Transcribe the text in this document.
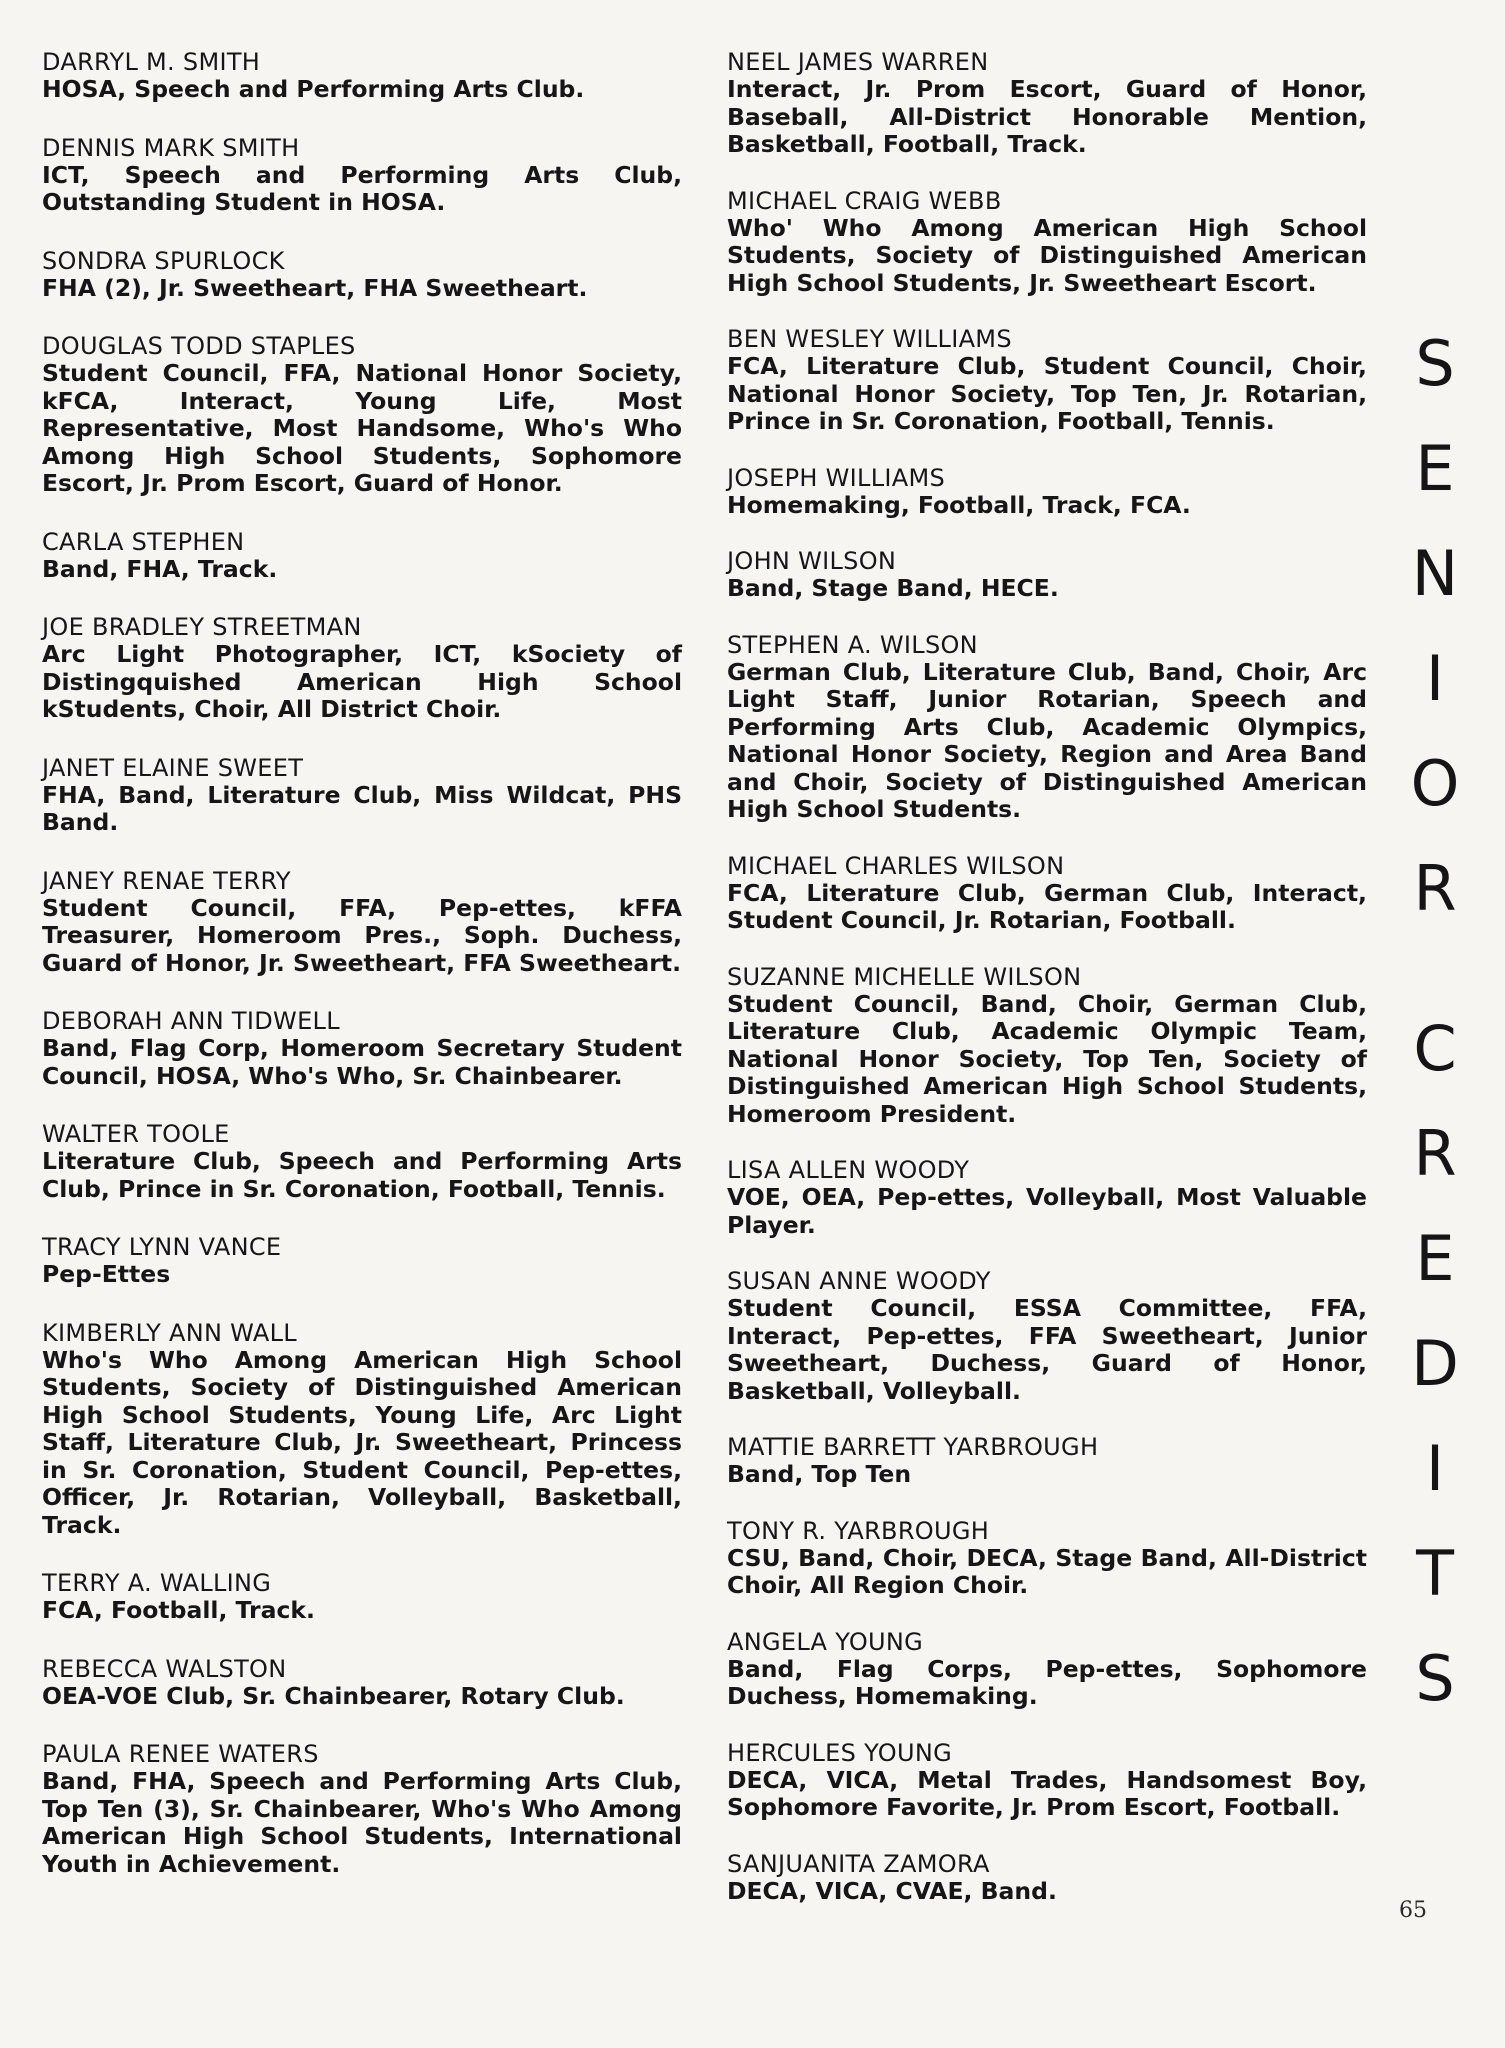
DARRYL M. SMITH
HOSA, Speech and Performing Arts Club.
DENNIS MARK SMITH
ICT, Speech and Performing Arts Club, Outstanding Student in HOSA.
SONDRA SPURLOCK
FHA (2), Jr. Sweetheart, FHA Sweetheart.
DOUGLAS TODD STAPLES
Student Council, FFA, National Honor Society, kFCA, Interact, Young Life, Most Representative, Most Handsome, Who's Who Among High School Students, Sophomore Escort, Jr. Prom Escort, Guard of Honor.
CARLA STEPHEN
Band, FHA, Track.
JOE BRADLEY STREETMAN
Arc Light Photographer, ICT, kSociety of Distingquished American High School kStudents, Choir, All District Choir.
JANET ELAINE SWEET
FHA, Band, Literature Club, Miss Wildcat, PHS Band.
JANEY RENAE TERRY
Student Council, FFA, Pep-ettes, kFFA Treasurer, Homeroom Pres., Soph. Duchess, Guard of Honor, Jr. Sweetheart, FFA Sweetheart.
DEBORAH ANN TIDWELL
Band, Flag Corp, Homeroom Secretary Student Council, HOSA, Who's Who, Sr. Chainbearer.
WALTER TOOLE
Literature Club, Speech and Performing Arts Club, Prince in Sr. Coronation, Football, Tennis.
TRACY LYNN VANCE
Pep-Ettes
KIMBERLY ANN WALL
Who's Who Among American High School Students, Society of Distinguished American High School Students, Young Life, Arc Light Staff, Literature Club, Jr. Sweetheart, Princess in Sr. Coronation, Student Council, Pep-ettes, Officer, Jr. Rotarian, Volleyball, Basketball, Track.
TERRY A. WALLING
FCA, Football, Track.
REBECCA WALSTON
OEA-VOE Club, Sr. Chainbearer, Rotary Club.
PAULA RENEE WATERS
Band, FHA, Speech and Performing Arts Club, Top Ten (3), Sr. Chainbearer, Who's Who Among American High School Students, International Youth in Achievement.
NEEL JAMES WARREN
Interact, Jr. Prom Escort, Guard of Honor, Baseball, All-District Honorable Mention, Basketball, Football, Track.
MICHAEL CRAIG WEBB
Who' Who Among American High School Students, Society of Distinguished American High School Students, Jr. Sweetheart Escort.
BEN WESLEY WILLIAMS
FCA, Literature Club, Student Council, Choir, National Honor Society, Top Ten, Jr. Rotarian, Prince in Sr. Coronation, Football, Tennis.
JOSEPH WILLIAMS
Homemaking, Football, Track, FCA.
JOHN WILSON
Band, Stage Band, HECE.
STEPHEN A. WILSON
German Club, Literature Club, Band, Choir, Arc Light Staff, Junior Rotarian, Speech and Performing Arts Club, Academic Olympics, National Honor Society, Region and Area Band and Choir, Society of Distinguished American High School Students.
MICHAEL CHARLES WILSON
FCA, Literature Club, German Club, Interact, Student Council, Jr. Rotarian, Football.
SUZANNE MICHELLE WILSON
Student Council, Band, Choir, German Club, Literature Club, Academic Olympic Team, National Honor Society, Top Ten, Society of Distinguished American High School Students, Homeroom President.
LISA ALLEN WOODY
VOE, OEA, Pep-ettes, Volleyball, Most Valuable Player.
SUSAN ANNE WOODY
Student Council, ESSA Committee, FFA, Interact, Pep-ettes, FFA Sweetheart, Junior Sweetheart, Duchess, Guard of Honor, Basketball, Volleyball.
MATTIE BARRETT YARBROUGH
Band, Top Ten
TONY R. YARBROUGH
CSU, Band, Choir, DECA, Stage Band, All-District Choir, All Region Choir.
ANGELA YOUNG
Band, Flag Corps, Pep-ettes, Sophomore Duchess, Homemaking.
HERCULES YOUNG
DECA, VICA, Metal Trades, Handsomest Boy, Sophomore Favorite, Jr. Prom Escort, Football.
SANJUANITA ZAMORA
DECA, VICA, CVAE, Band.
S
E
N
I
O
R
C
R
E
D
I
T
S
65
